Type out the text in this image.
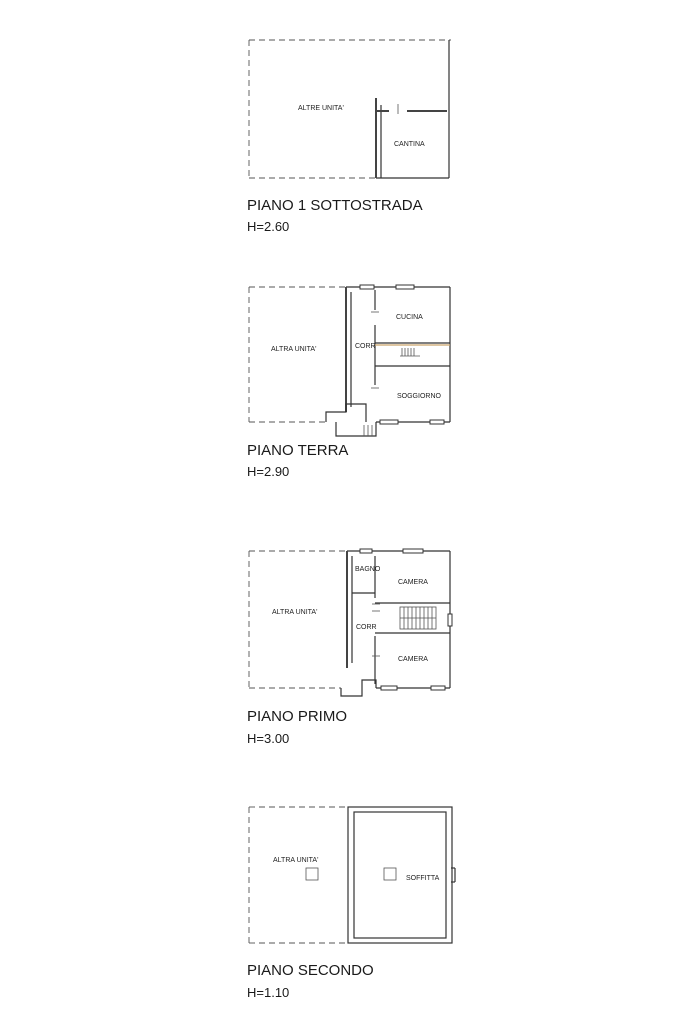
ALTRE UNITA'
CANTINA
ALTRA UNITA'	CORR
CUCINA
SOGGIORNO
ALTRA UNITA'
BAGNO
CAMERA
CORR
CAMERA
ALTRA UNITA'
SOFFITTA
PIANO 1 SOTTOSTRADA
H=2.60
PIANO TERRA
H=2.90
PIANO PRIMO
H=3.00
PIANO SECONDO
H=1.10
